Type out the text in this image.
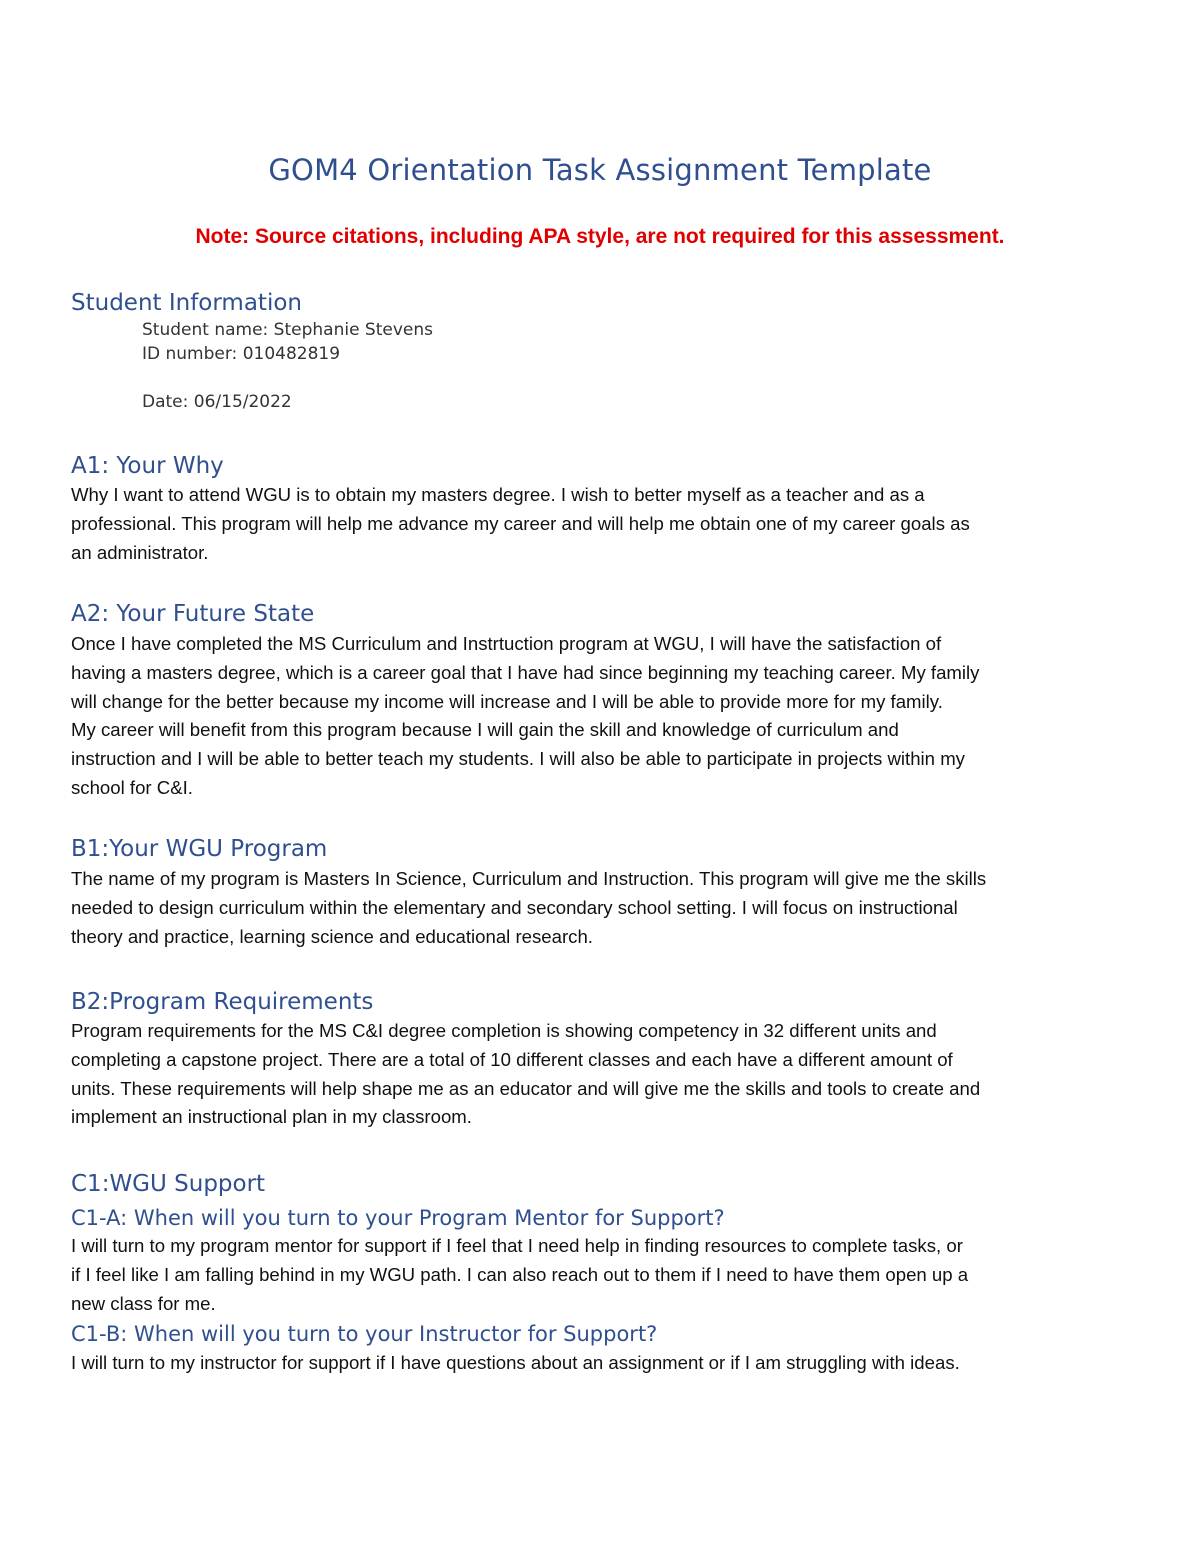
GOM4 Orientation Task Assignment Template
Note: Source citations, including APA style, are not required for this assessment.
Student Information
Student name: Stephanie Stevens
ID number: 010482819
Date: 06/15/2022
A1: Your Why
Why I want to attend WGU is to obtain my masters degree. I wish to better myself as a teacher and as a
professional. This program will help me advance my career and will help me obtain one of my career goals as
an administrator.
A2: Your Future State
Once I have completed the MS Curriculum and Instrtuction program at WGU, I will have the satisfaction of
having a masters degree, which is a career goal that I have had since beginning my teaching career. My family
will change for the better because my income will increase and I will be able to provide more for my family.
My career will benefit from this program because I will gain the skill and knowledge of curriculum and
instruction and I will be able to better teach my students. I will also be able to participate in projects within my
school for C&I.
B1:Your WGU Program
The name of my program is Masters In Science, Curriculum and Instruction. This program will give me the skills
needed to design curriculum within the elementary and secondary school setting. I will focus on instructional
theory and practice, learning science and educational research.
B2:Program Requirements
Program requirements for the MS C&I degree completion is showing competency in 32 different units and
completing a capstone project. There are a total of 10 different classes and each have a different amount of
units. These requirements will help shape me as an educator and will give me the skills and tools to create and
implement an instructional plan in my classroom.
C1:WGU Support
C1-A: When will you turn to your Program Mentor for Support?
I will turn to my program mentor for support if I feel that I need help in finding resources to complete tasks, or
if I feel like I am falling behind in my WGU path. I can also reach out to them if I need to have them open up a
new class for me.
C1-B: When will you turn to your Instructor for Support?
I will turn to my instructor for support if I have questions about an assignment or if I am struggling with ideas.
